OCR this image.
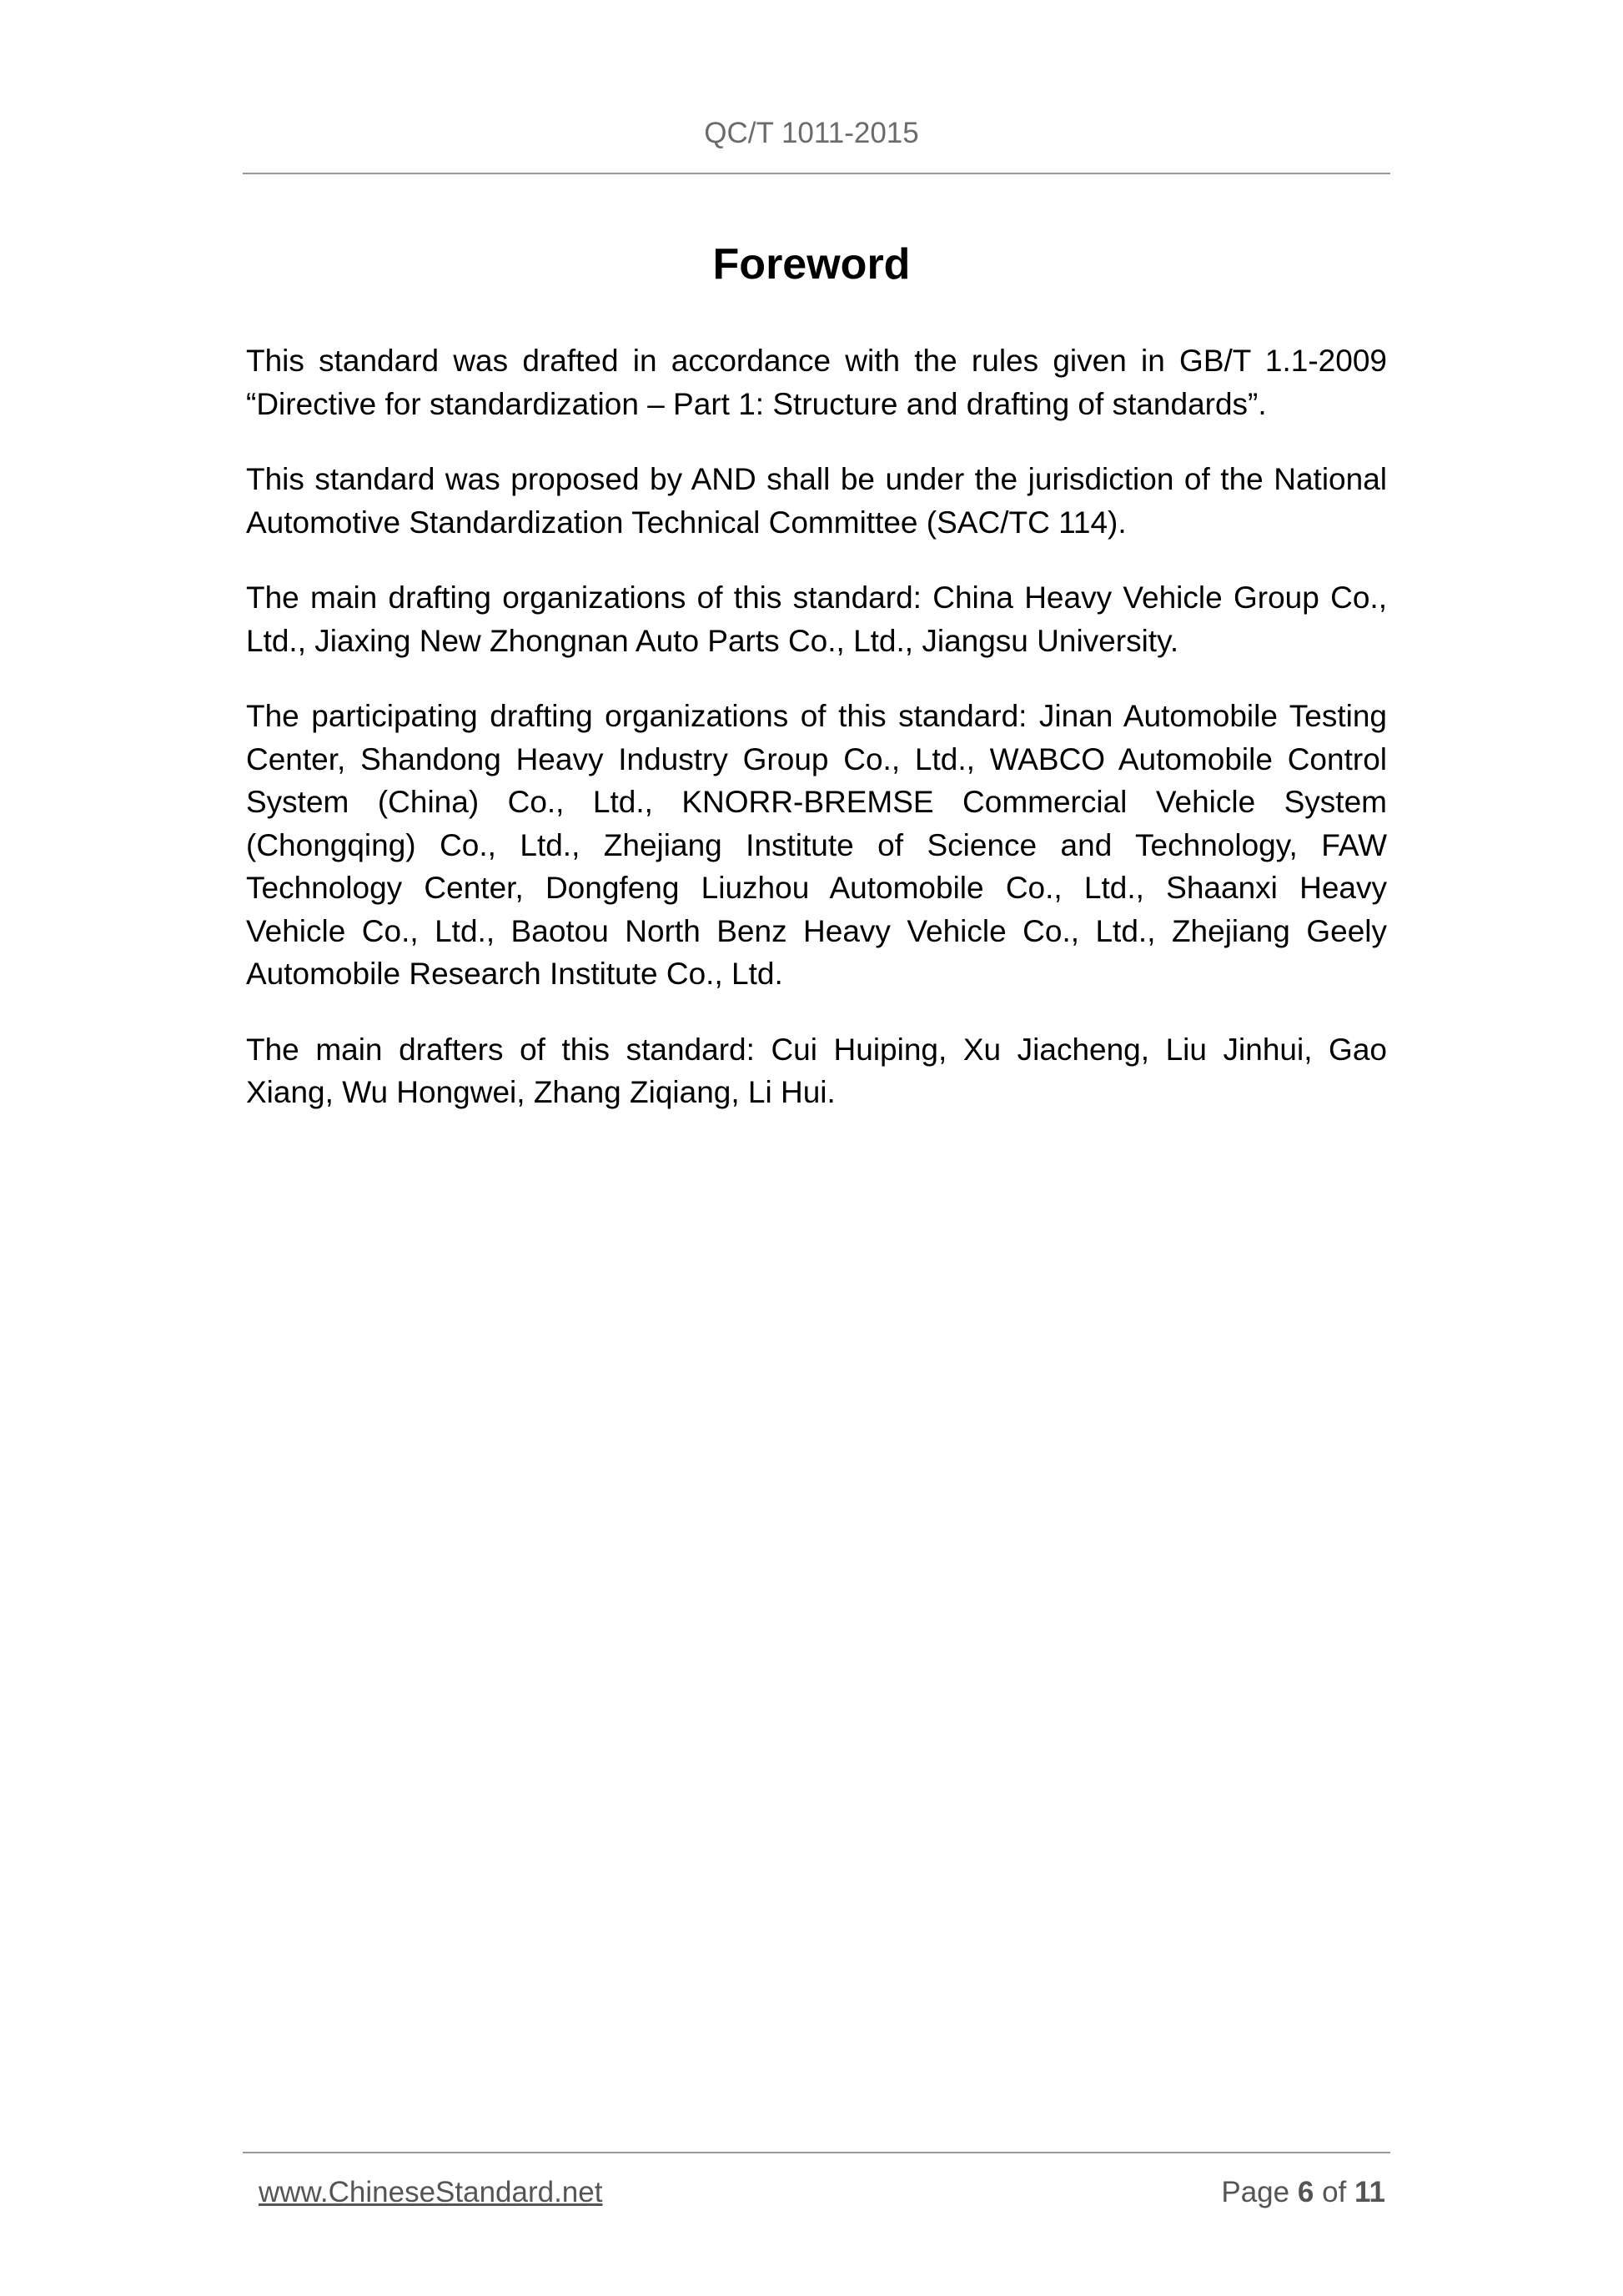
QC/T 1011-2015
Foreword

This standard was drafted in accordance with the rules given in GB/T 1.1-2009 “Directive for standardization – Part 1: Structure and drafting of standards”.

This standard was proposed by AND shall be under the jurisdiction of the National Automotive Standardization Technical Committee (SAC/TC 114).

The main drafting organizations of this standard: China Heavy Vehicle Group Co., Ltd., Jiaxing New Zhongnan Auto Parts Co., Ltd., Jiangsu University.

The participating drafting organizations of this standard: Jinan Automobile Testing Center, Shandong Heavy Industry Group Co., Ltd., WABCO Automobile Control System (China) Co., Ltd., KNORR-BREMSE Commercial Vehicle System (Chongqing) Co., Ltd., Zhejiang Institute of Science and Technology, FAW Technology Center, Dongfeng Liuzhou Automobile Co., Ltd., Shaanxi Heavy Vehicle Co., Ltd., Baotou North Benz Heavy Vehicle Co., Ltd., Zhejiang Geely Automobile Research Institute Co., Ltd.

The main drafters of this standard: Cui Huiping, Xu Jiacheng, Liu Jinhui, Gao Xiang, Wu Hongwei, Zhang Ziqiang, Li Hui.

www.ChineseStandard.net	Page 6 of 11
